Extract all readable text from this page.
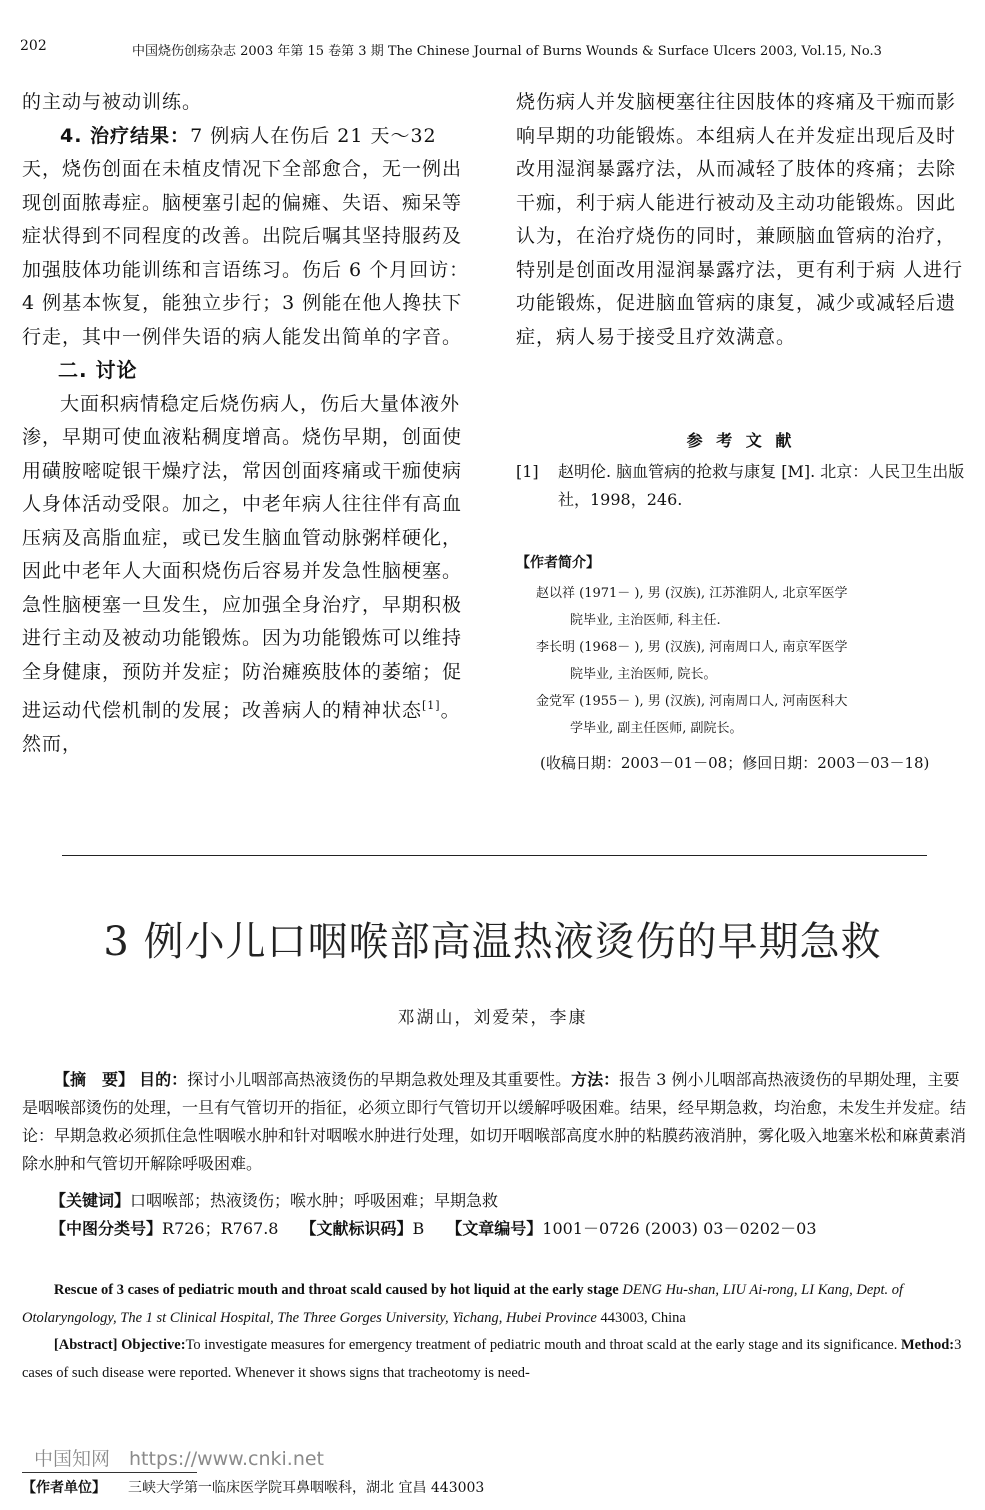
202	中国烧伤创疡杂志 2003 年第 15 卷第 3 期 The Chinese Journal of Burns Wounds & Surface Ulcers 2003, Vol.15, No.3

的主动与被动训练。

4. 治疗结果：7 例病人在伤后 21 天～32 天，烧伤创面在未植皮情况下全部愈合，无一例出现创面脓毒症。脑梗塞引起的偏瘫、失语、痴呆等症状得到不同程度的改善。出院后嘱其坚持服药及加强肢体功能训练和言语练习。伤后 6 个月回访：4 例基本恢复，能独立步行；3 例能在他人搀扶下行走，其中一例伴失语的病人能发出简单的字音。

二. 讨论

大面积病情稳定后烧伤病人，伤后大量体液外渗，早期可使血液粘稠度增高。烧伤早期，创面使用磺胺嘧啶银干燥疗法，常因创面疼痛或干痂使病人身体活动受限。加之，中老年病人往往伴有高血压病及高脂血症，或已发生脑血管动脉粥样硬化，因此中老年人大面积烧伤后容易并发急性脑梗塞。急性脑梗塞一旦发生，应加强全身治疗，早期积极进行主动及被动功能锻炼。因为功能锻炼可以维持全身健康，预防并发症；防治瘫痪肢体的萎缩；促进运动代偿机制的发展；改善病人的精神状态[1]。然而，

烧伤病人并发脑梗塞往往因肢体的疼痛及干痂而影响早期的功能锻炼。本组病人在并发症出现后及时改用湿润暴露疗法，从而减轻了肢体的疼痛；去除干痂，利于病人能进行被动及主动功能锻炼。因此认为，在治疗烧伤的同时，兼顾脑血管病的治疗，特别是创面改用湿润暴露疗法，更有利于病 人进行功能锻炼，促进脑血管病的康复，减少或减轻后遗症，病人易于接受且疗效满意。

参 考 文 献
[1]	赵明伦. 脑血管病的抢救与康复 [M]. 北京：人民卫生出版社，1998，246.
【作者简介】
赵以祥 (1971－ ), 男 (汉族), 江苏淮阴人, 北京军医学
院毕业, 主治医师, 科主任.
李长明 (1968－ ), 男 (汉族), 河南周口人, 南京军医学
院毕业, 主治医师, 院长。
金党军 (1955－ ), 男 (汉族), 河南周口人, 河南医科大
学毕业, 副主任医师, 副院长。
(收稿日期：2003－01－08；修回日期：2003－03－18)
3 例小儿口咽喉部高温热液烫伤的早期急救
邓湖山，刘爱荣，李康

【摘　要】 目的：探讨小儿咽部高热液烫伤的早期急救处理及其重要性。方法：报告 3 例小儿咽部高热液烫伤的早期处理，主要是咽喉部烫伤的处理，一旦有气管切开的指征，必须立即行气管切开以缓解呼吸困难。结果，经早期急救，均治愈，未发生并发症。结论：早期急救必须抓住急性咽喉水肿和针对咽喉水肿进行处理，如切开咽喉部高度水肿的粘膜药液消肿，雾化吸入地塞米松和麻黄素消除水肿和气管切开解除呼吸困难。

【关键词】口咽喉部；热液烫伤；喉水肿；呼吸困难；早期急救
【中图分类号】R726；R767.8 【文献标识码】B 【文章编号】1001－0726 (2003) 03－0202－03

Rescue of 3 cases of pediatric mouth and throat scald caused by hot liquid at the early stage DENG Hu-shan, LIU Ai-rong, LI Kang, Dept. of Otolaryngology, The 1 st Clinical Hospital, The Three Gorges University, Yichang, Hubei Province 443003, China

[Abstract] Objective:To investigate measures for emergency treatment of pediatric mouth and throat scald at the early stage and its significance. Method:3 cases of such disease were reported. Whenever it shows signs that tracheotomy is need-

中国知网　https://www.cnki.net
【作者单位】 三峡大学第一临床医学院耳鼻咽喉科，湖北 宜昌 443003
